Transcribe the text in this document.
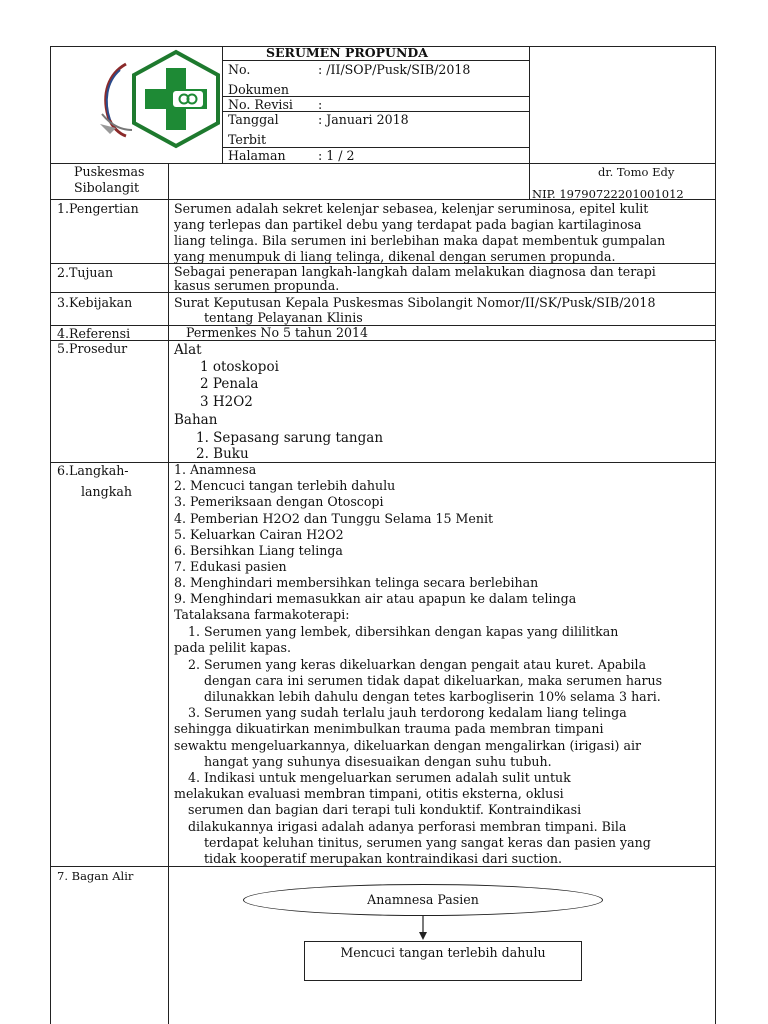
SERUMEN PROPUNDA
No.
Dokumen
: /II/SOP/Pusk/SIB/2018
No. Revisi :
Tanggal
Terbit
: Januari 2018
Halaman	: 1 / 2
Puskesmas
Sibolangit
dr. Tomo Edy
NIP. 19790722201001012
1.Pengertian
2.Tujuan
3.Kebijakan
4.Referensi
5.Prosedur
6.Langkah-
langkah
7. Bagan Alir
Serumen adalah sekret kelenjar sebasea, kelenjar seruminosa, epitel kulit
yang terlepas dan partikel debu yang terdapat pada bagian kartilaginosa
liang telinga. Bila serumen ini berlebihan maka dapat membentuk gumpalan
yang menumpuk di liang telinga, dikenal dengan serumen propunda.
Sebagai penerapan langkah-langkah dalam melakukan diagnosa dan terapi
kasus serumen propunda.
Surat Keputusan Kepala Puskesmas Sibolangit Nomor/II/SK/Pusk/SIB/2018
tentang Pelayanan Klinis
Permenkes No 5 tahun 2014
Alat
1 otoskopoi
2 Penala
3 H2O2
Bahan
1. Sepasang sarung tangan
2. Buku
1. Anamnesa
2. Mencuci tangan terlebih dahulu
3. Pemeriksaan dengan Otoscopi
4. Pemberian H2O2 dan Tunggu Selama 15 Menit
5. Keluarkan Cairan H2O2
6. Bersihkan Liang telinga
7. Edukasi pasien
8. Menghindari membersihkan telinga secara berlebihan
9. Menghindari memasukkan air atau apapun ke dalam telinga
Tatalaksana farmakoterapi:
1. Serumen yang lembek, dibersihkan dengan kapas yang dililitkan
pada pelilit kapas.
2. Serumen yang keras dikeluarkan dengan pengait atau kuret. Apabila
dengan cara ini serumen tidak dapat dikeluarkan, maka serumen harus
dilunakkan lebih dahulu dengan tetes karbogliserin 10% selama 3 hari.
3. Serumen yang sudah terlalu jauh terdorong kedalam liang telinga
sehingga dikuatirkan menimbulkan trauma pada membran timpani
sewaktu mengeluarkannya, dikeluarkan dengan mengalirkan (irigasi) air
hangat yang suhunya disesuaikan dengan suhu tubuh.
4. Indikasi untuk mengeluarkan serumen adalah sulit untuk
melakukan evaluasi membran timpani, otitis eksterna, oklusi
serumen dan bagian dari terapi tuli konduktif. Kontraindikasi
dilakukannya irigasi adalah adanya perforasi membran timpani. Bila
terdapat keluhan tinitus, serumen yang sangat keras dan pasien yang
tidak kooperatif merupakan kontraindikasi dari suction.
Anamnesa Pasien
Mencuci tangan terlebih dahulu
